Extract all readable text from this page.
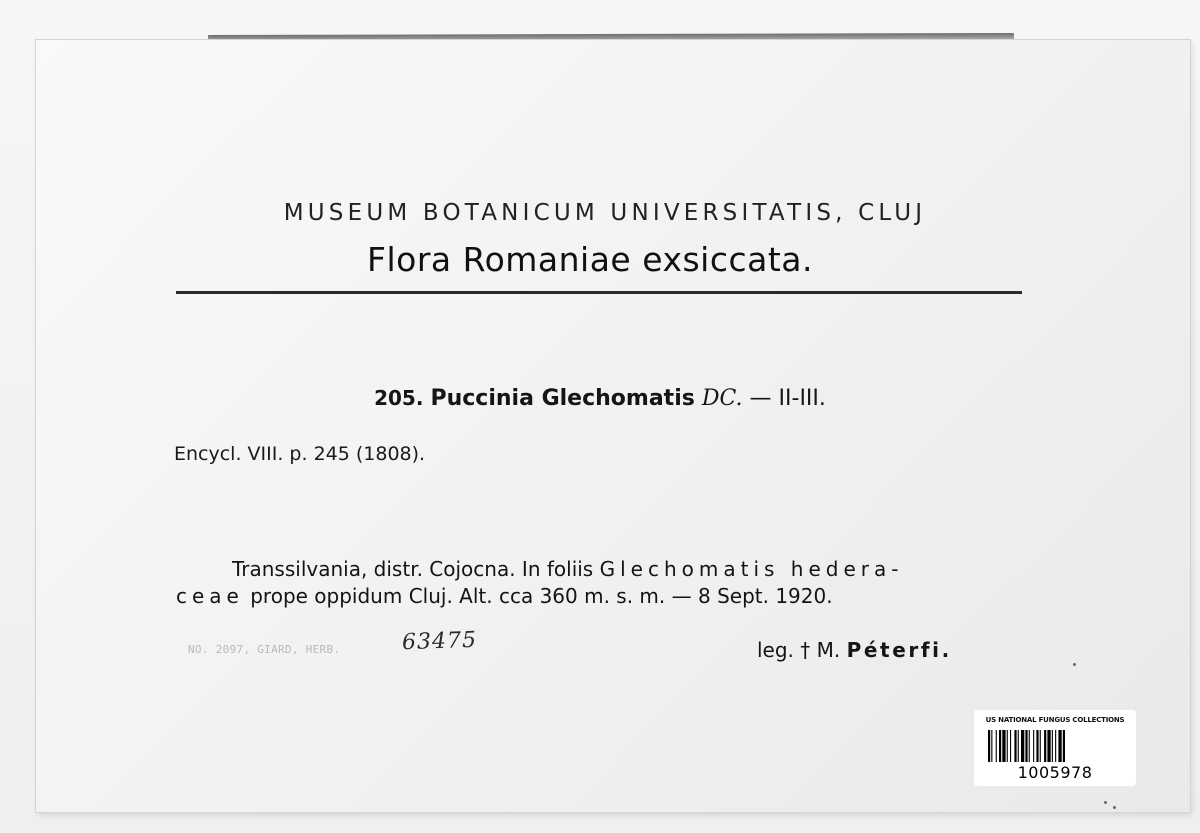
MUSEUM BOTANICUM UNIVERSITATIS, CLUJ
Flora Romaniae exsiccata.
205. Puccinia Glechomatis DC. — II-III.
Encycl. VIII. p. 245 (1808).
Transsilvania, distr. Cojocna. In foliis Glechomatis hedera-
ceae prope oppidum Cluj. Alt. cca 360 m. s. m. — 8 Sept. 1920.
NO. 2097, GIARD, HERB.	63475	leg. † M. Péterfi.
US NATIONAL FUNGUS COLLECTIONS
1005978
